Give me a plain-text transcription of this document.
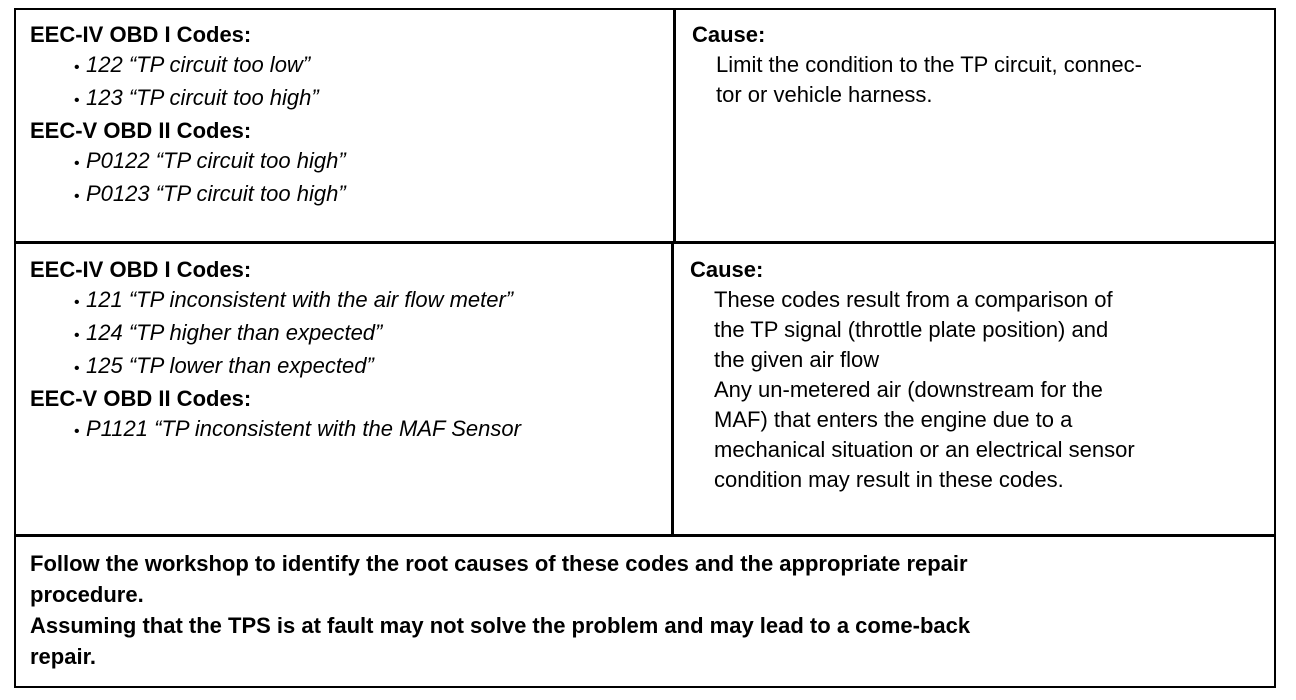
EEC-IV OBD I Codes:
• 122 “TP circuit too low”
• 123 “TP circuit too high”
EEC-V OBD II Codes:
• P0122 “TP circuit too high”
• P0123 “TP circuit too high”
Cause:

Limit the condition to the TP circuit, connec-

tor or vehicle harness.

EEC-IV OBD I Codes:
• 121 “TP inconsistent with the air flow meter”
• 124 “TP higher than expected”
• 125 “TP lower than expected”
EEC-V OBD II Codes:
• P1121 “TP inconsistent with the MAF Sensor
Cause:

These codes result from a comparison of

the TP signal (throttle plate position) and

the given air flow

Any un-metered air (downstream for the

MAF) that enters the engine due to a

mechanical situation or an electrical sensor

condition may result in these codes.

Follow the workshop to identify the root causes of these codes and the appropriate repair

procedure.

Assuming that the TPS is at fault may not solve the problem and may lead to a come-back

repair.
